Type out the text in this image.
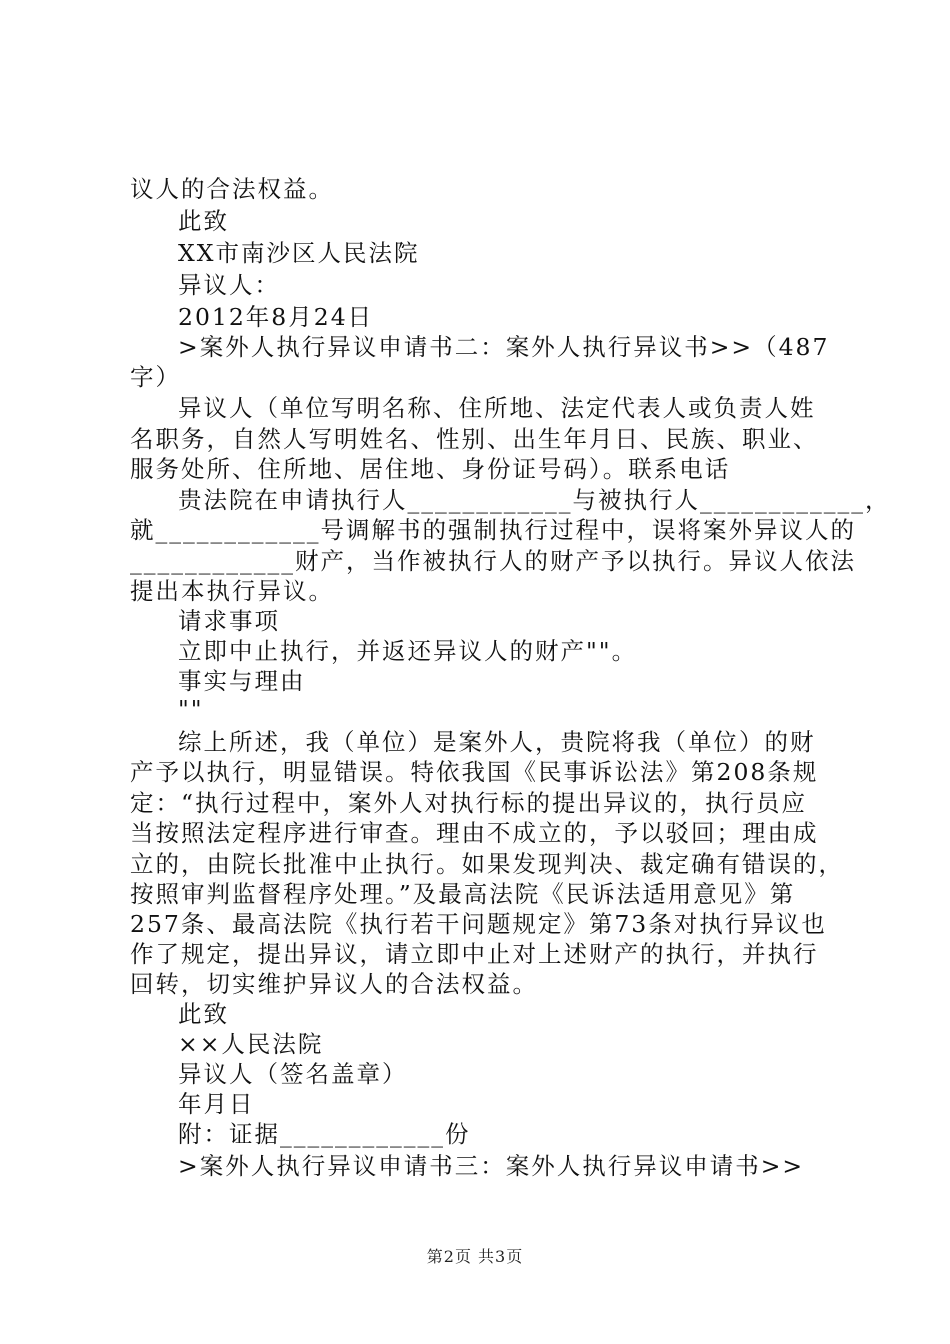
议人的合法权益。
此致
XX市南沙区人民法院
异议人：
2012年8月24日
>案外人执行异议申请书二：案外人执行异议书>>（487
字）
异议人（单位写明名称、住所地、法定代表人或负责人姓
名职务，自然人写明姓名、性别、出生年月日、民族、职业、
服务处所、住所地、居住地、身份证号码）。联系电话
贵法院在申请执行人____________与被执行人____________，
就____________号调解书的强制执行过程中，误将案外异议人的
____________财产，当作被执行人的财产予以执行。异议人依法
提出本执行异议。
请求事项
立即中止执行，并返还异议人的财产""。
事实与理由
""
综上所述，我（单位）是案外人，贵院将我（单位）的财
产予以执行，明显错误。特依我国《民事诉讼法》第208条规
定：“执行过程中，案外人对执行标的提出异议的，执行员应
当按照法定程序进行审查。理由不成立的，予以驳回；理由成
立的，由院长批准中止执行。如果发现判决、裁定确有错误的，
按照审判监督程序处理。”及最高法院《民诉法适用意见》第
257条、最高法院《执行若干问题规定》第73条对执行异议也
作了规定，提出异议，请立即中止对上述财产的执行，并执行
回转，切实维护异议人的合法权益。
此致
××人民法院
异议人（签名盖章）
年月日
附：证据____________份
>案外人执行异议申请书三：案外人执行异议申请书>>
第2页 共3页
